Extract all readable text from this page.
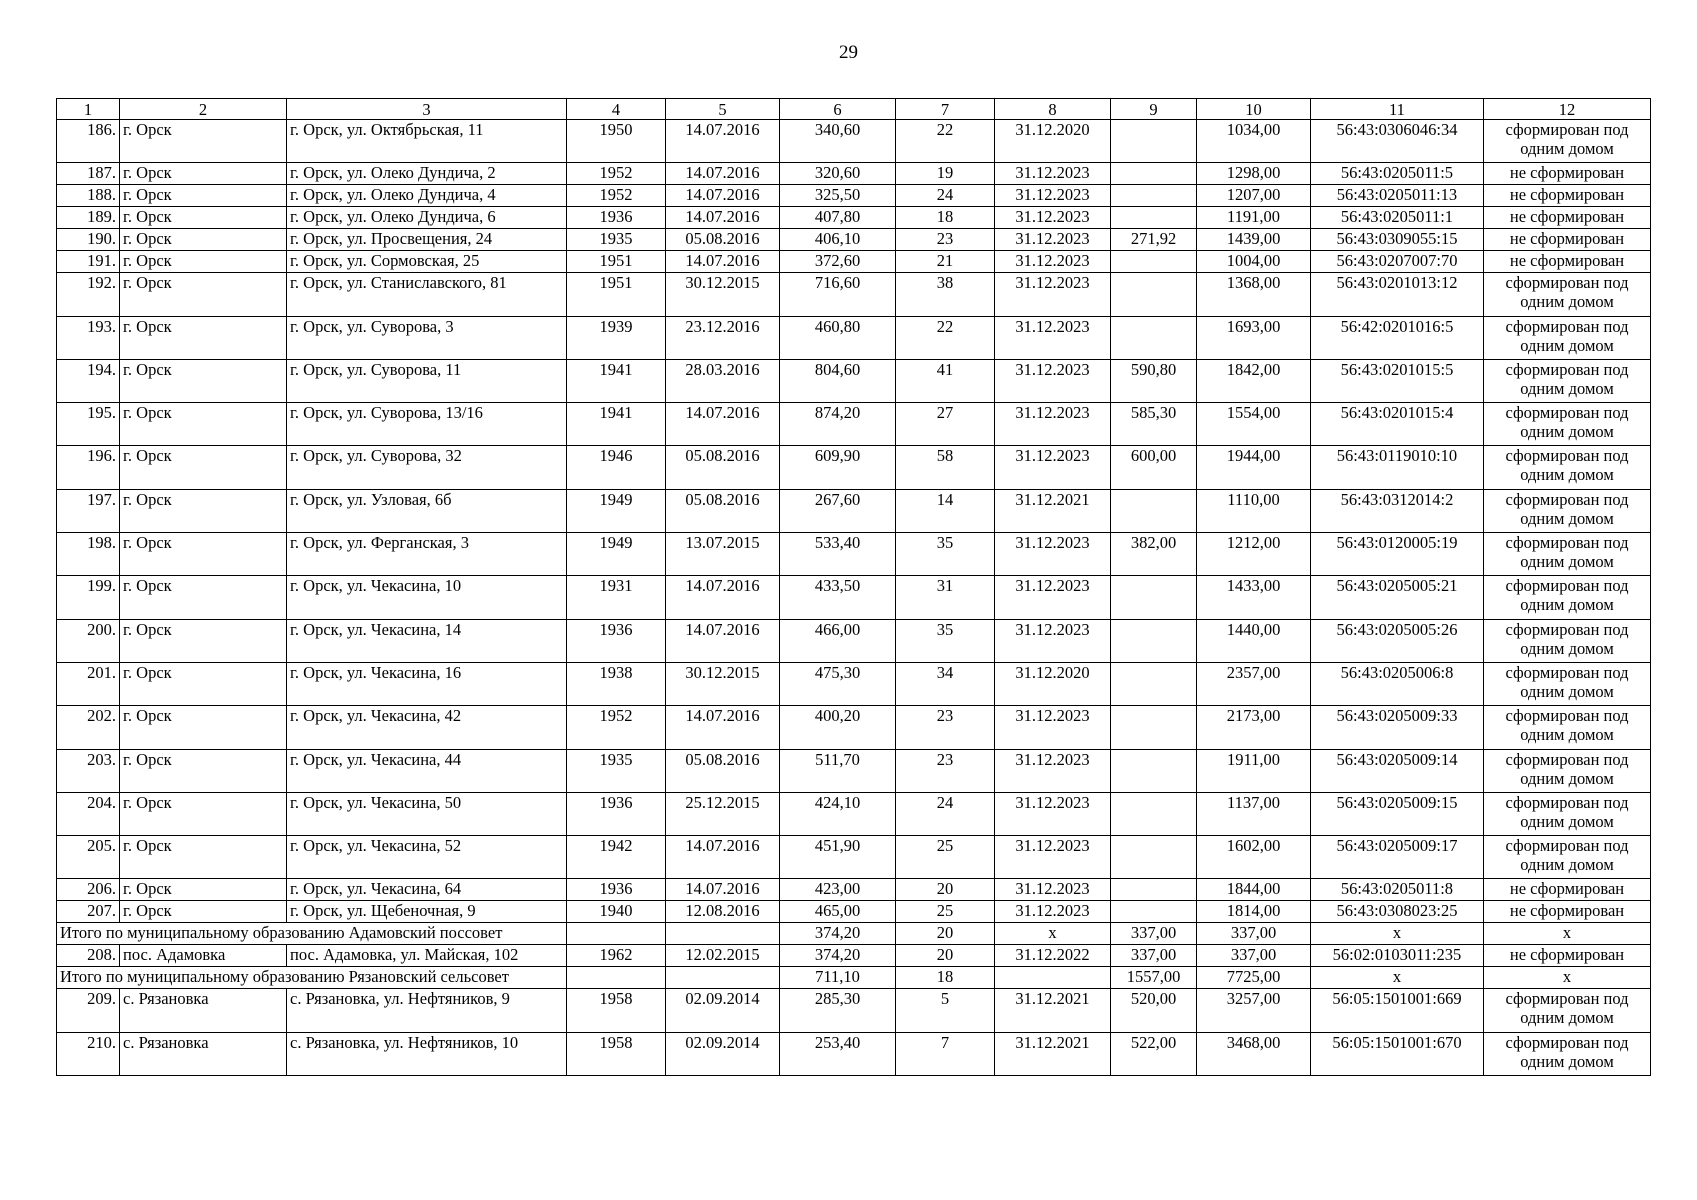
29
1	2	3	4	5	6	7	8	9	10	11	12
186.	г. Орск	г. Орск, ул. Октябрьская, 11	1950	14.07.2016	340,60	22	31.12.2020		1034,00	56:43:0306046:34	сформирован под
одним домом

187.	г. Орск	г. Орск, ул. Олеко Дундича, 2	1952	14.07.2016	320,60	19	31.12.2023		1298,00	56:43:0205011:5	не сформирован

188.	г. Орск	г. Орск, ул. Олеко Дундича, 4	1952	14.07.2016	325,50	24	31.12.2023		1207,00	56:43:0205011:13	не сформирован

189.	г. Орск	г. Орск, ул. Олеко Дундича, 6	1936	14.07.2016	407,80	18	31.12.2023		1191,00	56:43:0205011:1	не сформирован

190.	г. Орск	г. Орск, ул. Просвещения, 24	1935	05.08.2016	406,10	23	31.12.2023	271,92	1439,00	56:43:0309055:15	не сформирован

191.	г. Орск	г. Орск, ул. Сормовская, 25	1951	14.07.2016	372,60	21	31.12.2023		1004,00	56:43:0207007:70	не сформирован

192.	г. Орск	г. Орск, ул. Станиславского, 81	1951	30.12.2015	716,60	38	31.12.2023		1368,00	56:43:0201013:12	сформирован под
одним домом

193.	г. Орск	г. Орск, ул. Суворова, 3	1939	23.12.2016	460,80	22	31.12.2023		1693,00	56:42:0201016:5	сформирован под
одним домом

194.	г. Орск	г. Орск, ул. Суворова, 11	1941	28.03.2016	804,60	41	31.12.2023	590,80	1842,00	56:43:0201015:5	сформирован под
одним домом

195.	г. Орск	г. Орск, ул. Суворова, 13/16	1941	14.07.2016	874,20	27	31.12.2023	585,30	1554,00	56:43:0201015:4	сформирован под
одним домом

196.	г. Орск	г. Орск, ул. Суворова, 32	1946	05.08.2016	609,90	58	31.12.2023	600,00	1944,00	56:43:0119010:10	сформирован под
одним домом

197.	г. Орск	г. Орск, ул. Узловая, 6б	1949	05.08.2016	267,60	14	31.12.2021		1110,00	56:43:0312014:2	сформирован под
одним домом

198.	г. Орск	г. Орск, ул. Ферганская, 3	1949	13.07.2015	533,40	35	31.12.2023	382,00	1212,00	56:43:0120005:19	сформирован под
одним домом

199.	г. Орск	г. Орск, ул. Чекасина, 10	1931	14.07.2016	433,50	31	31.12.2023		1433,00	56:43:0205005:21	сформирован под
одним домом

200.	г. Орск	г. Орск, ул. Чекасина, 14	1936	14.07.2016	466,00	35	31.12.2023		1440,00	56:43:0205005:26	сформирован под
одним домом

201.	г. Орск	г. Орск, ул. Чекасина, 16	1938	30.12.2015	475,30	34	31.12.2020		2357,00	56:43:0205006:8	сформирован под
одним домом

202.	г. Орск	г. Орск, ул. Чекасина, 42	1952	14.07.2016	400,20	23	31.12.2023		2173,00	56:43:0205009:33	сформирован под
одним домом

203.	г. Орск	г. Орск, ул. Чекасина, 44	1935	05.08.2016	511,70	23	31.12.2023		1911,00	56:43:0205009:14	сформирован под
одним домом

204.	г. Орск	г. Орск, ул. Чекасина, 50	1936	25.12.2015	424,10	24	31.12.2023		1137,00	56:43:0205009:15	сформирован под
одним домом

205.	г. Орск	г. Орск, ул. Чекасина, 52	1942	14.07.2016	451,90	25	31.12.2023		1602,00	56:43:0205009:17	сформирован под
одним домом

206.	г. Орск	г. Орск, ул. Чекасина, 64	1936	14.07.2016	423,00	20	31.12.2023		1844,00	56:43:0205011:8	не сформирован

207.	г. Орск	г. Орск, ул. Щебеночная, 9	1940	12.08.2016	465,00	25	31.12.2023		1814,00	56:43:0308023:25	не сформирован

Итого по муниципальному образованию Адамовский поссовет					374,20	20	x	337,00	337,00	x	x

208.	пос. Адамовка	пос. Адамовка, ул. Майская, 102	1962	12.02.2015	374,20	20	31.12.2022	337,00	337,00	56:02:0103011:235	не сформирован

Итого по муниципальному образованию Рязановский сельсовет					711,10	18		1557,00	7725,00	x	x

209.	с. Рязановка	с. Рязановка, ул. Нефтяников, 9	1958	02.09.2014	285,30	5	31.12.2021	520,00	3257,00	56:05:1501001:669	сформирован под
одним домом

210.	с. Рязановка	с. Рязановка, ул. Нефтяников, 10	1958	02.09.2014	253,40	7	31.12.2021	522,00	3468,00	56:05:1501001:670	сформирован под
одним домом
